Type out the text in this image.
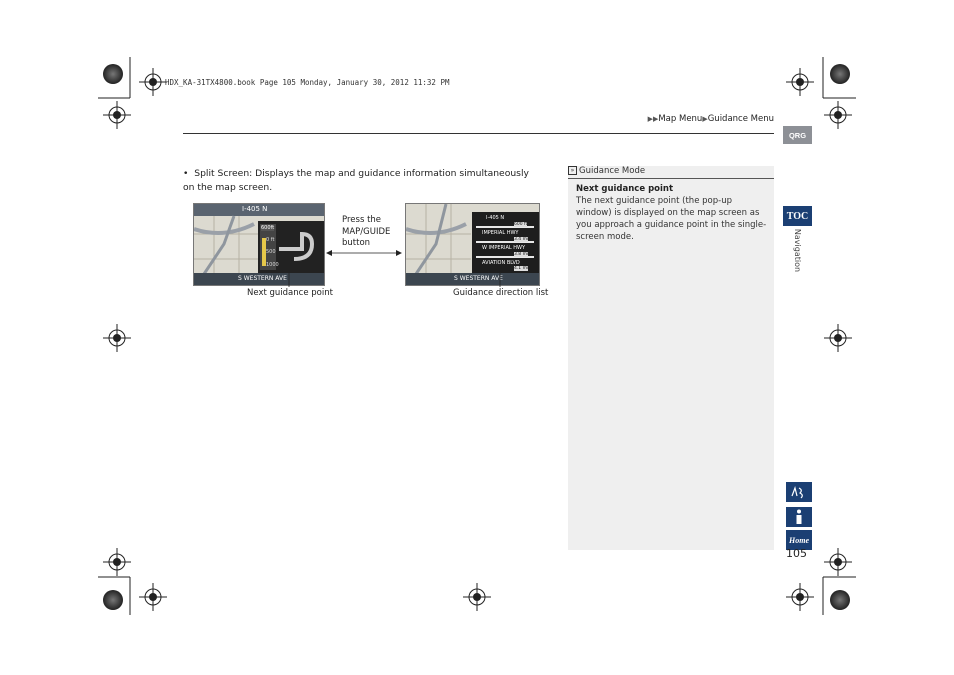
HDX_KA-31TX4800.book Page 105 Monday, January 30, 2012 11:32 PM
▶▶Map Menu▶Guidance Menu
QRG
TOC
Navigation
Home
105
•  Split Screen: Displays the map and guidance information simultaneously on the map screen.
I-405 N
600ft
0 ft
500
1000
S WESTERN AVE
I-405 N
600 ft
IMPERIAL HWY
3.4 mi
W IMPERIAL HWY
3.8 mi
AVIATION BLVD
4.1 mi
S WESTERN AVE
Press the
MAP/GUIDE
button
Next guidance point	Guidance direction list
» Guidance Mode
Next guidance point
The next guidance point (the pop-up window) is displayed on the map screen as you approach a guidance point in the single-screen mode.
